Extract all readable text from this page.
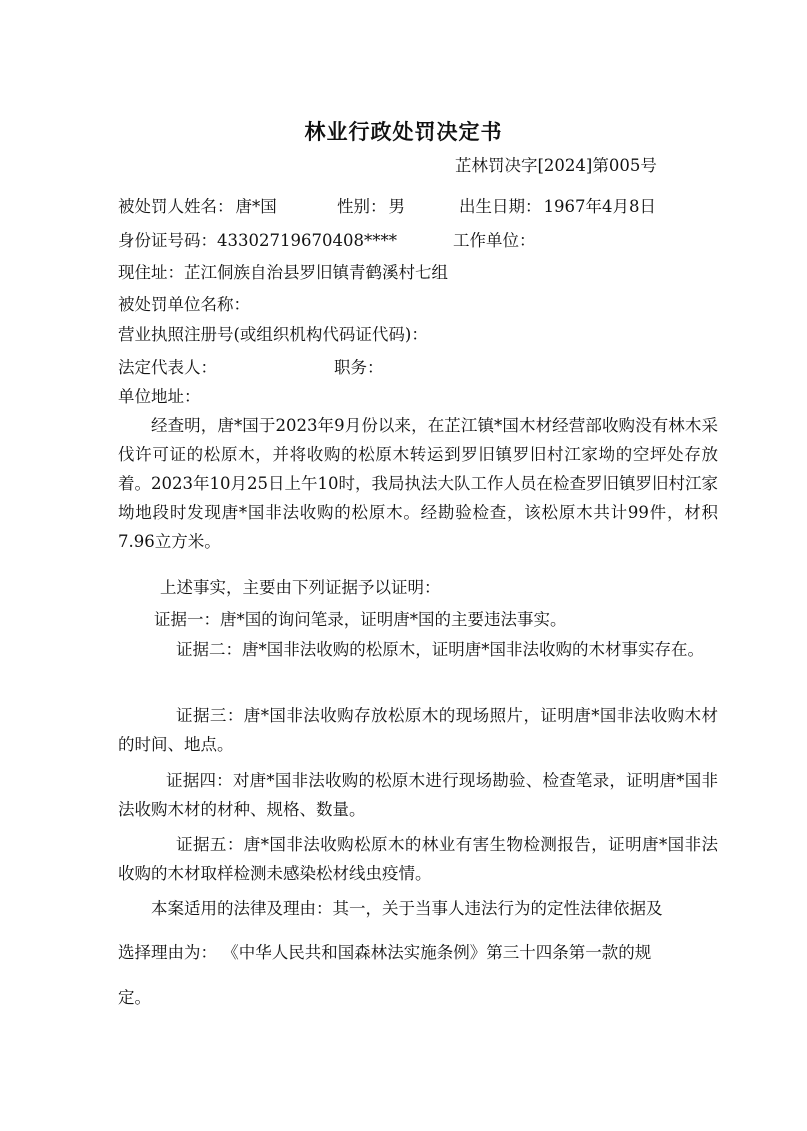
林业行政处罚决定书
芷林罚决字[2024]第005号
被处罚人姓名： 唐*国	性别： 男	出生日期： 1967年4月8日
身份证号码：43302719670408****	工作单位：
现住址：芷江侗族自治县罗旧镇青鹤溪村七组
被处罚单位名称：
营业执照注册号(或组织机构代码证代码)：
法定代表人：	职务：
单位地址：
经查明，唐*国于2023年9月份以来，在芷江镇*国木材经营部收购没有林木采伐许可证的松原木，并将收购的松原木转运到罗旧镇罗旧村江家坳的空坪处存放着。2023年10月25日上午10时，我局执法大队工作人员在检查罗旧镇罗旧村江家坳地段时发现唐*国非法收购的松原木。经勘验检查，该松原木共计99件，材积7.96立方米。
上述事实，主要由下列证据予以证明：
证据一：唐*国的询问笔录，证明唐*国的主要违法事实。
证据二：唐*国非法收购的松原木，证明唐*国非法收购的木材事实存在。
证据三：唐*国非法收购存放松原木的现场照片，证明唐*国非法收购木材的时间、地点。
证据四：对唐*国非法收购的松原木进行现场勘验、检查笔录，证明唐*国非法收购木材的材种、规格、数量。
证据五：唐*国非法收购松原木的林业有害生物检测报告，证明唐*国非法收购的木材取样检测未感染松材线虫疫情。
本案适用的法律及理由：其一，关于当事人违法行为的定性法律依据及
选择理由为： 《中华人民共和国森林法实施条例》第三十四条第一款的规
定。
